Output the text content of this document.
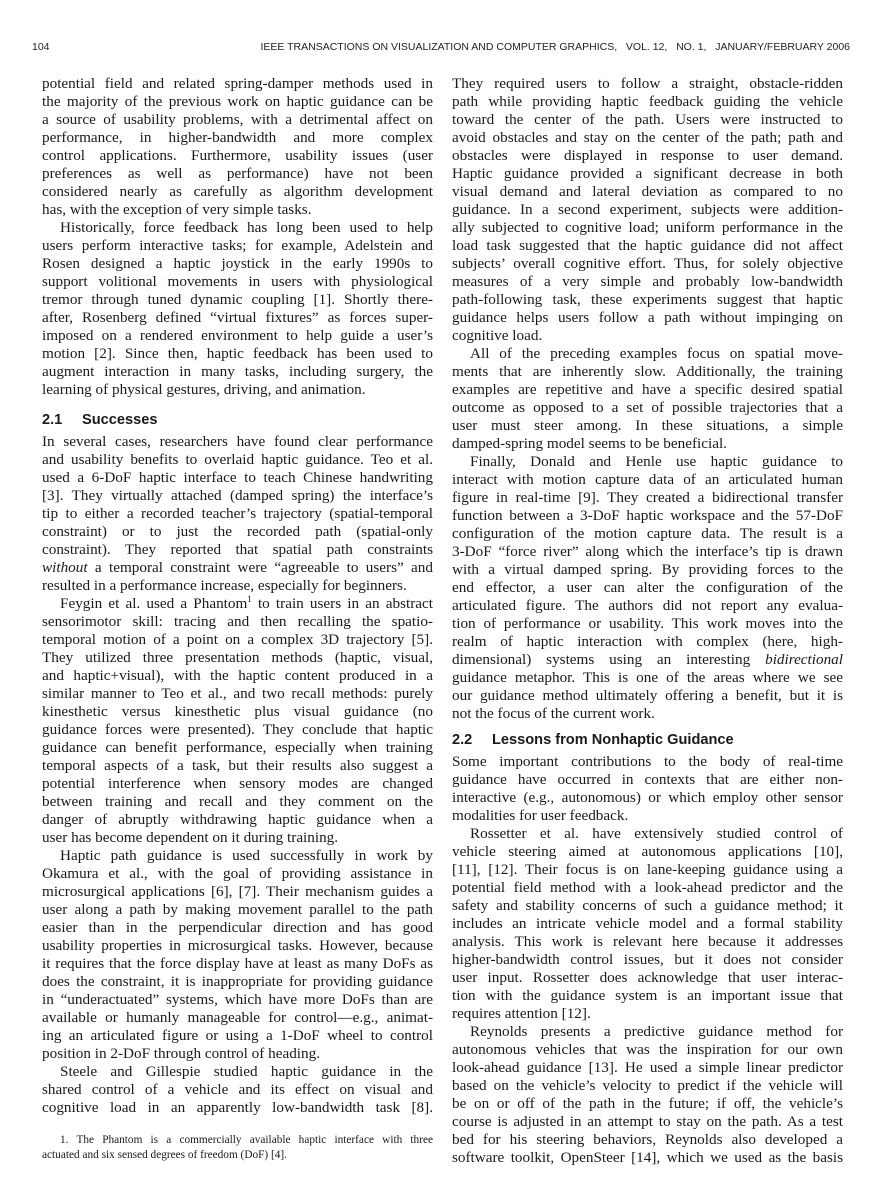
104	IEEE TRANSACTIONS ON VISUALIZATION AND COMPUTER GRAPHICS,   VOL. 12,   NO. 1,   JANUARY/FEBRUARY 2006
potential field and related spring-damper methods used in
the majority of the previous work on haptic guidance can be
a source of usability problems, with a detrimental affect on
performance, in higher-bandwidth and more complex
control applications. Furthermore, usability issues (user
preferences as well as performance) have not been
considered nearly as carefully as algorithm development
has, with the exception of very simple tasks.
Historically, force feedback has long been used to help
users perform interactive tasks; for example, Adelstein and
Rosen designed a haptic joystick in the early 1990s to
support volitional movements in users with physiological
tremor through tuned dynamic coupling [1]. Shortly there-
after, Rosenberg defined “virtual fixtures” as forces super-
imposed on a rendered environment to help guide a user’s
motion [2]. Since then, haptic feedback has been used to
augment interaction in many tasks, including surgery, the
learning of physical gestures, driving, and animation.
2.1 Successes
In several cases, researchers have found clear performance
and usability benefits to overlaid haptic guidance. Teo et al.
used a 6-DoF haptic interface to teach Chinese handwriting
[3]. They virtually attached (damped spring) the interface’s
tip to either a recorded teacher’s trajectory (spatial-temporal
constraint) or to just the recorded path (spatial-only
constraint). They reported that spatial path constraints
without a temporal constraint were “agreeable to users” and
resulted in a performance increase, especially for beginners.
Feygin et al. used a Phantom$^1$ to train users in an abstract
sensorimotor skill: tracing and then recalling the spatio-
temporal motion of a point on a complex 3D trajectory [5].
They utilized three presentation methods (haptic, visual,
and haptic+visual), with the haptic content produced in a
similar manner to Teo et al., and two recall methods: purely
kinesthetic versus kinesthetic plus visual guidance (no
guidance forces were presented). They conclude that haptic
guidance can benefit performance, especially when training
temporal aspects of a task, but their results also suggest a
potential interference when sensory modes are changed
between training and recall and they comment on the
danger of abruptly withdrawing haptic guidance when a
user has become dependent on it during training.
Haptic path guidance is used successfully in work by
Okamura et al., with the goal of providing assistance in
microsurgical applications [6], [7]. Their mechanism guides a
user along a path by making movement parallel to the path
easier than in the perpendicular direction and has good
usability properties in microsurgical tasks. However, because
it requires that the force display have at least as many DoFs as
does the constraint, it is inappropriate for providing guidance
in “underactuated” systems, which have more DoFs than are
available or humanly manageable for control—e.g., animat-
ing an articulated figure or using a 1-DoF wheel to control
position in 2-DoF through control of heading.
Steele and Gillespie studied haptic guidance in the
shared control of a vehicle and its effect on visual and
cognitive load in an apparently low-bandwidth task [8].
They required users to follow a straight, obstacle-ridden
path while providing haptic feedback guiding the vehicle
toward the center of the path. Users were instructed to
avoid obstacles and stay on the center of the path; path and
obstacles were displayed in response to user demand.
Haptic guidance provided a significant decrease in both
visual demand and lateral deviation as compared to no
guidance. In a second experiment, subjects were addition-
ally subjected to cognitive load; uniform performance in the
load task suggested that the haptic guidance did not affect
subjects’ overall cognitive effort. Thus, for solely objective
measures of a very simple and probably low-bandwidth
path-following task, these experiments suggest that haptic
guidance helps users follow a path without impinging on
cognitive load.
All of the preceding examples focus on spatial move-
ments that are inherently slow. Additionally, the training
examples are repetitive and have a specific desired spatial
outcome as opposed to a set of possible trajectories that a
user must steer among. In these situations, a simple
damped-spring model seems to be beneficial.
Finally, Donald and Henle use haptic guidance to
interact with motion capture data of an articulated human
figure in real-time [9]. They created a bidirectional transfer
function between a 3-DoF haptic workspace and the 57-DoF
configuration of the motion capture data. The result is a
3-DoF “force river” along which the interface’s tip is drawn
with a virtual damped spring. By providing forces to the
end effector, a user can alter the configuration of the
articulated figure. The authors did not report any evalua-
tion of performance or usability. This work moves into the
realm of haptic interaction with complex (here, high-
dimensional) systems using an interesting bidirectional
guidance metaphor. This is one of the areas where we see
our guidance method ultimately offering a benefit, but it is
not the focus of the current work.
2.2 Lessons from Nonhaptic Guidance
Some important contributions to the body of real-time
guidance have occurred in contexts that are either non-
interactive (e.g., autonomous) or which employ other sensor
modalities for user feedback.
Rossetter et al. have extensively studied control of
vehicle steering aimed at autonomous applications [10],
[11], [12]. Their focus is on lane-keeping guidance using a
potential field method with a look-ahead predictor and the
safety and stability concerns of such a guidance method; it
includes an intricate vehicle model and a formal stability
analysis. This work is relevant here because it addresses
higher-bandwidth control issues, but it does not consider
user input. Rossetter does acknowledge that user interac-
tion with the guidance system is an important issue that
requires attention [12].
Reynolds presents a predictive guidance method for
autonomous vehicles that was the inspiration for our own
look-ahead guidance [13]. He used a simple linear predictor
based on the vehicle’s velocity to predict if the vehicle will
be on or off of the path in the future; if off, the vehicle’s
course is adjusted in an attempt to stay on the path. As a test
bed for his steering behaviors, Reynolds also developed a
software toolkit, OpenSteer [14], which we used as the basis
1. The Phantom is a commercially available haptic interface with three
actuated and six sensed degrees of freedom (DoF) [4].
